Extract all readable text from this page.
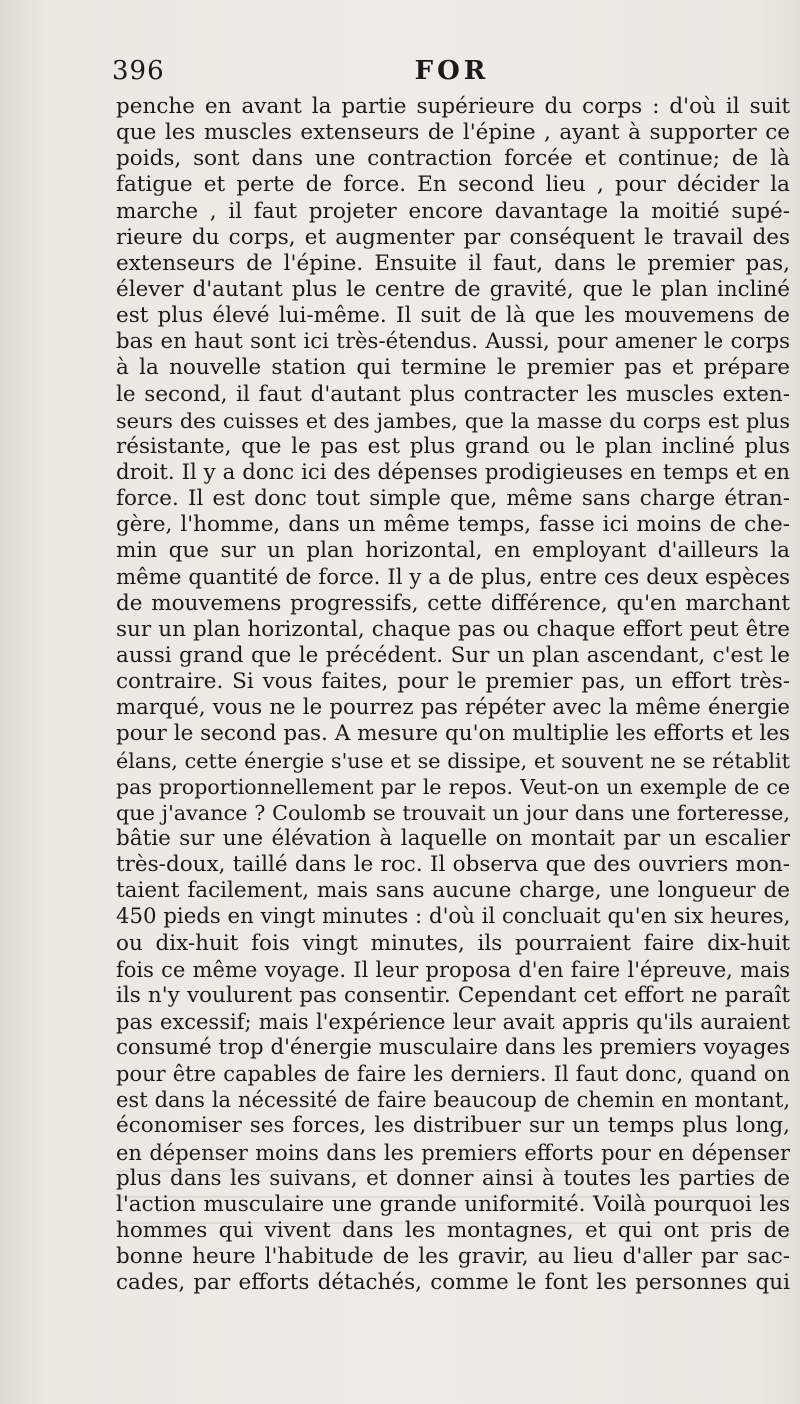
396	FOR
penche en avant la partie supérieure du corps : d'où il suit
que les muscles extenseurs de l'épine , ayant à supporter ce
poids, sont dans une contraction forcée et continue; de là
fatigue et perte de force. En second lieu , pour décider la
marche , il faut projeter encore davantage la moitié supé-
rieure du corps, et augmenter par conséquent le travail des
extenseurs de l'épine. Ensuite il faut, dans le premier pas,
élever d'autant plus le centre de gravité, que le plan incliné
est plus élevé lui-même. Il suit de là que les mouvemens de
bas en haut sont ici très-étendus. Aussi, pour amener le corps
à la nouvelle station qui termine le premier pas et prépare
le second, il faut d'autant plus contracter les muscles exten-
seurs des cuisses et des jambes, que la masse du corps est plus
résistante, que le pas est plus grand ou le plan incliné plus
droit. Il y a donc ici des dépenses prodigieuses en temps et en
force. Il est donc tout simple que, même sans charge étran-
gère, l'homme, dans un même temps, fasse ici moins de che-
min que sur un plan horizontal, en employant d'ailleurs la
même quantité de force. Il y a de plus, entre ces deux espèces
de mouvemens progressifs, cette différence, qu'en marchant
sur un plan horizontal, chaque pas ou chaque effort peut être
aussi grand que le précédent. Sur un plan ascendant, c'est le
contraire. Si vous faites, pour le premier pas, un effort très-
marqué, vous ne le pourrez pas répéter avec la même énergie
pour le second pas. A mesure qu'on multiplie les efforts et les
élans, cette énergie s'use et se dissipe, et souvent ne se rétablit
pas proportionnellement par le repos. Veut-on un exemple de ce
que j'avance ? Coulomb se trouvait un jour dans une forteresse,
bâtie sur une élévation à laquelle on montait par un escalier
très-doux, taillé dans le roc. Il observa que des ouvriers mon-
taient facilement, mais sans aucune charge, une longueur de
450 pieds en vingt minutes : d'où il concluait qu'en six heures,
ou dix-huit fois vingt minutes, ils pourraient faire dix-huit
fois ce même voyage. Il leur proposa d'en faire l'épreuve, mais
ils n'y voulurent pas consentir. Cependant cet effort ne paraît
pas excessif; mais l'expérience leur avait appris qu'ils auraient
consumé trop d'énergie musculaire dans les premiers voyages
pour être capables de faire les derniers. Il faut donc, quand on
est dans la nécessité de faire beaucoup de chemin en montant,
économiser ses forces, les distribuer sur un temps plus long,
en dépenser moins dans les premiers efforts pour en dépenser
plus dans les suivans, et donner ainsi à toutes les parties de
l'action musculaire une grande uniformité. Voilà pourquoi les
hommes qui vivent dans les montagnes, et qui ont pris de
bonne heure l'habitude de les gravir, au lieu d'aller par sac-
cades, par efforts détachés, comme le font les personnes qui
